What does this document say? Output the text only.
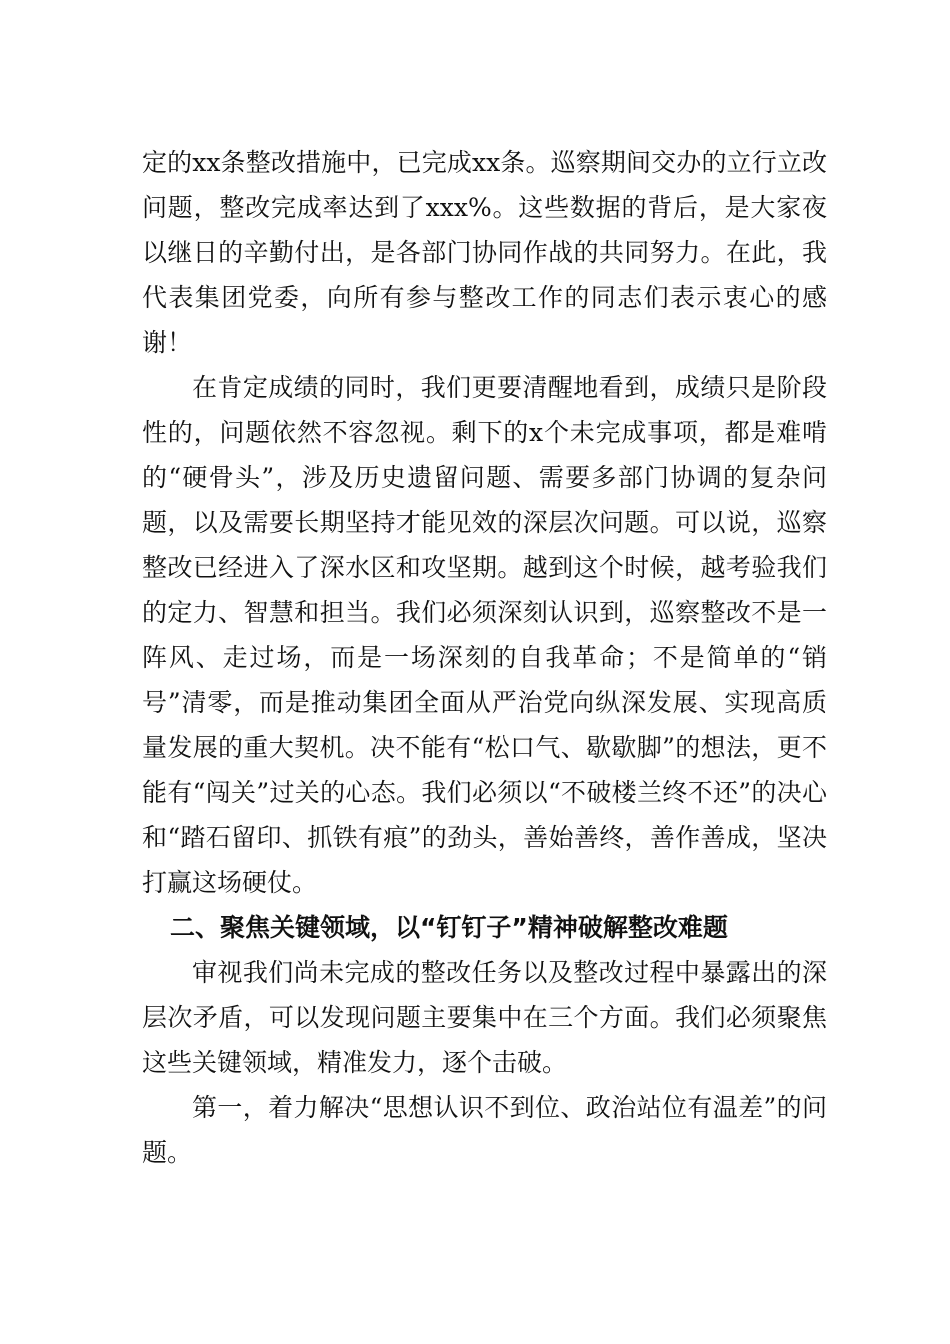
定的xx条整改措施中，已完成xx条。巡察期间交办的立行立改问题，整改完成率达到了xxx%。这些数据的背后，是大家夜以继日的辛勤付出，是各部门协同作战的共同努力。在此，我代表集团党委，向所有参与整改工作的同志们表示衷心的感谢！

在肯定成绩的同时，我们更要清醒地看到，成绩只是阶段性的，问题依然不容忽视。剩下的x个未完成事项，都是难啃的“硬骨头”，涉及历史遗留问题、需要多部门协调的复杂问题，以及需要长期坚持才能见效的深层次问题。可以说，巡察整改已经进入了深水区和攻坚期。越到这个时候，越考验我们的定力、智慧和担当。我们必须深刻认识到，巡察整改不是一阵风、走过场，而是一场深刻的自我革命；不是简单的“销号”清零，而是推动集团全面从严治党向纵深发展、实现高质量发展的重大契机。决不能有“松口气、歇歇脚”的想法，更不能有“闯关”过关的心态。我们必须以“不破楼兰终不还”的决心和“踏石留印、抓铁有痕”的劲头，善始善终，善作善成，坚决打赢这场硬仗。

二、聚焦关键领域，以“钉钉子”精神破解整改难题

审视我们尚未完成的整改任务以及整改过程中暴露出的深层次矛盾，可以发现问题主要集中在三个方面。我们必须聚焦这些关键领域，精准发力，逐个击破。

第一，着力解决“思想认识不到位、政治站位有温差”的问题。
